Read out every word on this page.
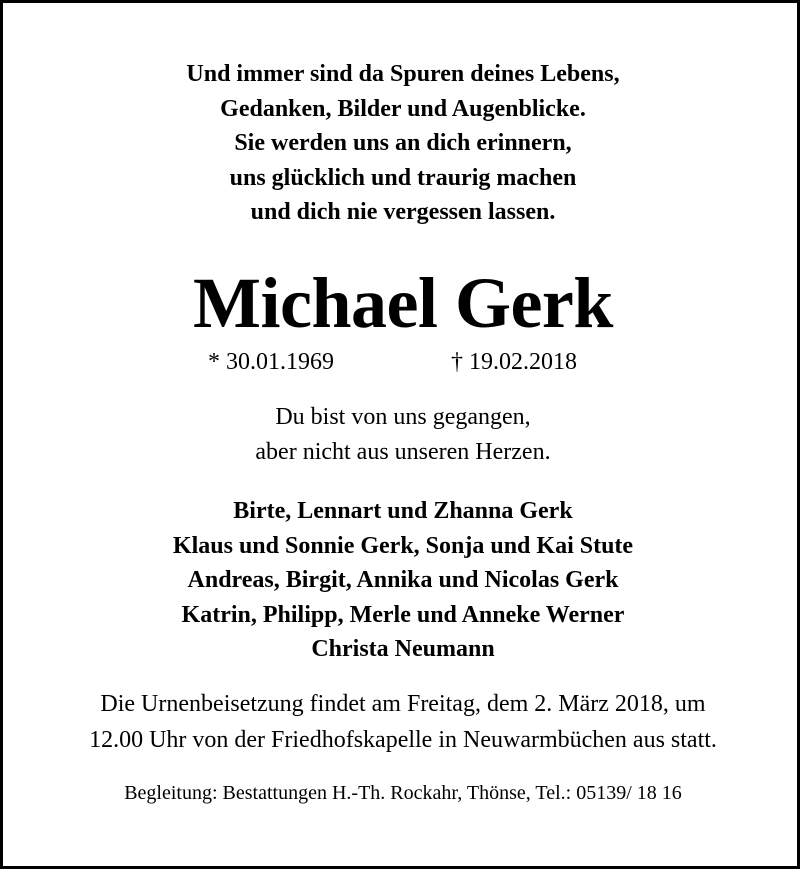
Und immer sind da Spuren deines Lebens,
Gedanken, Bilder und Augenblicke.
Sie werden uns an dich erinnern,
uns glücklich und traurig machen
und dich nie vergessen lassen.
Michael Gerk
* 30.01.1969	† 19.02.2018
Du bist von uns gegangen,
aber nicht aus unseren Herzen.
Birte, Lennart und Zhanna Gerk
Klaus und Sonnie Gerk, Sonja und Kai Stute
Andreas, Birgit, Annika und Nicolas Gerk
Katrin, Philipp, Merle und Anneke Werner
Christa Neumann
Die Urnenbeisetzung findet am Freitag, dem 2. März 2018, um
12.00 Uhr von der Friedhofskapelle in Neuwarmbüchen aus statt.
Begleitung: Bestattungen H.-Th. Rockahr, Thönse, Tel.: 05139/ 18 16
